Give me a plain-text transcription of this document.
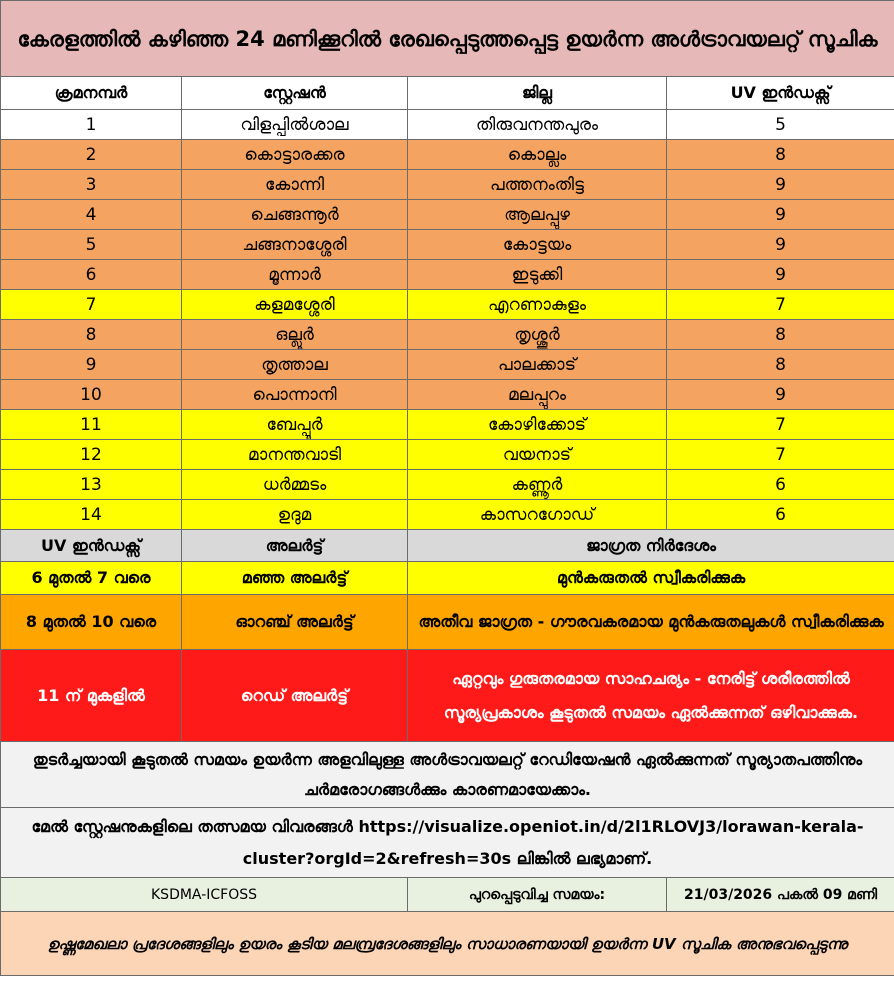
കേരളത്തിൽ കഴിഞ്ഞ 24 മണിക്കൂറിൽ രേഖപ്പെടുത്തപ്പെട്ട ഉയർന്ന അൾട്രാവയലറ്റ് സൂചിക			
ക്രമനമ്പർ	സ്റ്റേഷൻ	ജില്ല	UV ഇൻഡക്സ്
1	വിളപ്പിൽശാല	തിരുവനന്തപുരം	5
2	കൊട്ടാരക്കര	കൊല്ലം	8
3	കോന്നി	പത്തനംതിട്ട	9
4	ചെങ്ങന്നൂർ	ആലപ്പുഴ	9
5	ചങ്ങനാശ്ശേരി	കോട്ടയം	9
6	മൂന്നാർ	ഇടുക്കി	9
7	കളമശ്ശേരി	എറണാകുളം	7
8	ഒല്ലൂർ	തൃശ്ശൂർ	8
9	തൃത്താല	പാലക്കാട്	8
10	പൊന്നാനി	മലപ്പുറം	9
11	ബേപ്പൂർ	കോഴിക്കോട്	7
12	മാനന്തവാടി	വയനാട്	7
13	ധർമ്മടം	കണ്ണൂർ	6
14	ഉദുമ	കാസറഗോഡ്	6
UV ഇൻഡക്സ്	അലർട്ട്	ജാഗ്രത നിർദേശം	
6 മുതൽ 7 വരെ	മഞ്ഞ അലർട്ട്	മുൻകരുതൽ സ്വീകരിക്കുക	
8 മുതൽ 10 വരെ	ഓറഞ്ച് അലർട്ട്	അതീവ ജാഗ്രത - ഗൗരവകരമായ മുൻകരുതലുകൾ സ്വീകരിക്കുക	
11 ന് മുകളിൽ	റെഡ് അലർട്ട്	ഏറ്റവും ഗുരുതരമായ സാഹചര്യം - നേരിട്ട് ശരീരത്തിൽ സൂര്യപ്രകാശം കൂടുതൽ സമയം ഏൽക്കുന്നത് ഒഴിവാക്കുക.	
തുടർച്ചയായി കൂടുതൽ സമയം ഉയർന്ന അളവിലുള്ള അൾട്രാവയലറ്റ് റേഡിയേഷൻ ഏൽക്കുന്നത് സൂര്യാതപത്തിനും ചർമരോഗങ്ങൾക്കും കാരണമായേക്കാം.			
മേൽ സ്റ്റേഷനുകളിലെ തത്സമയ വിവരങ്ങൾ https://visualize.openiot.in/d/2l1RLOVJ3/lorawan-kerala-cluster?orgId=2&refresh=30s ലിങ്കിൽ ലഭ്യമാണ്.			
KSDMA-ICFOSS		പുറപ്പെടുവിച്ച സമയം:	21/03/2026 പകൽ 09 മണി
ഉഷ്ണമേഖലാ പ്രദേശങ്ങളിലും ഉയരം കൂടിയ മലമ്പ്രദേശങ്ങളിലും സാധാരണയായി ഉയർന്ന UV സൂചിക അനുഭവപ്പെടുന്നു			
